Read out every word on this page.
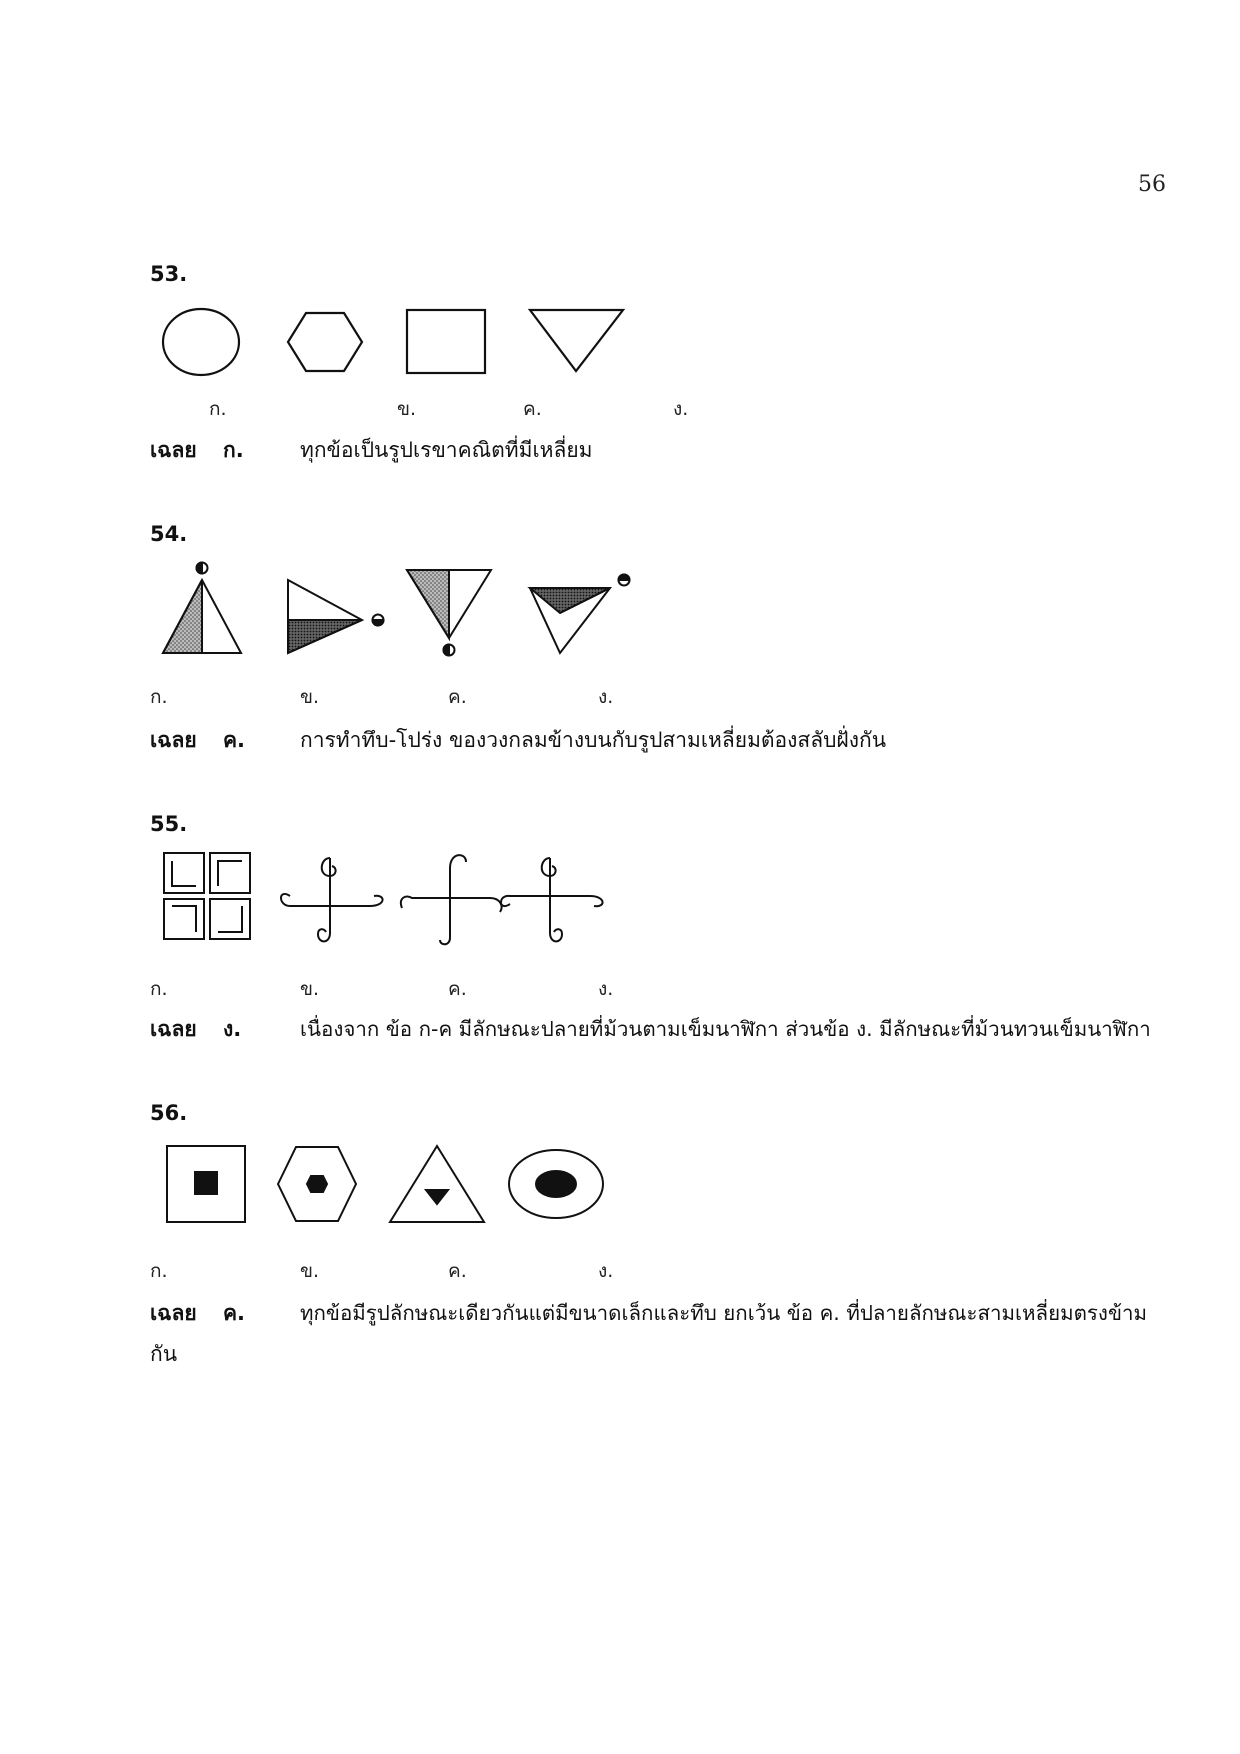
56
53.
ก.	ข.	ค.	ง.
เฉลย ก.	ทุกข้อเป็นรูปเรขาคณิตที่มีเหลี่ยม
54.
ก.	ข.	ค.	ง.
เฉลย ค.	การทำทึบ-โปร่ง ของวงกลมข้างบนกับรูปสามเหลี่ยมต้องสลับฝั่งกัน
55.
ก.	ข.	ค.	ง.
เฉลย ง.	เนื่องจาก ข้อ ก-ค มีลักษณะปลายที่ม้วนตามเข็มนาฬิกา ส่วนข้อ ง. มีลักษณะที่ม้วนทวนเข็มนาฬิกา
56.
ก.	ข.	ค.	ง.
เฉลย ค.	ทุกข้อมีรูปลักษณะเดียวกันแต่มีขนาดเล็กและทึบ ยกเว้น ข้อ ค. ที่ปลายลักษณะสามเหลี่ยมตรงข้าม
กัน
